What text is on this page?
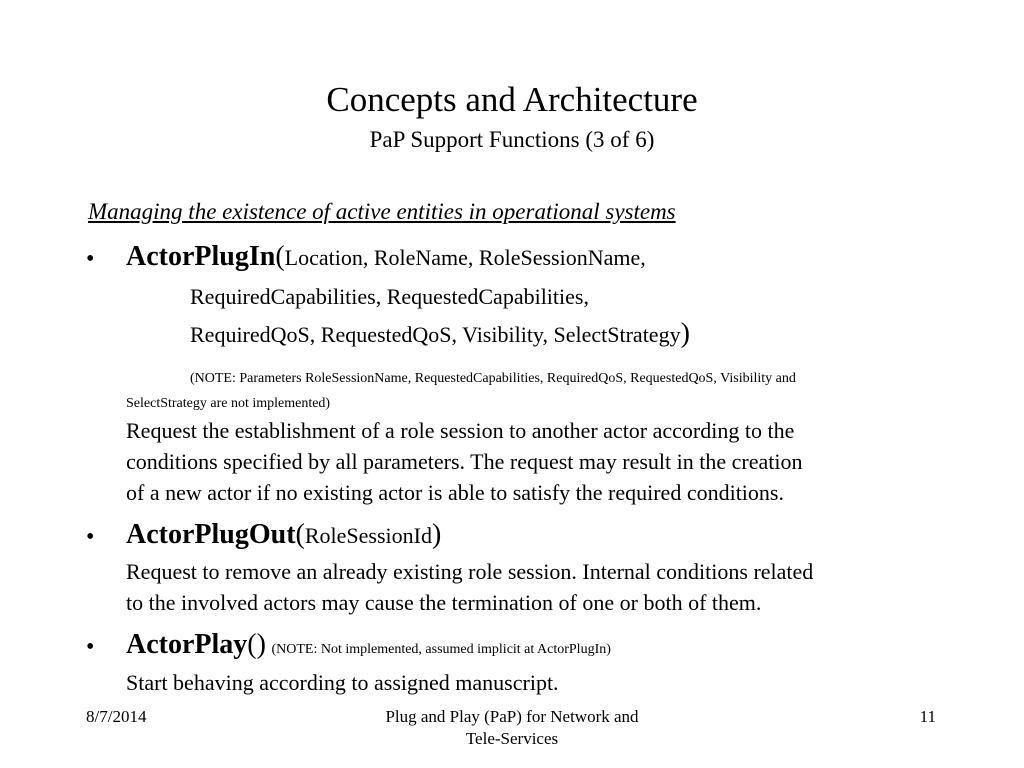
Concepts and Architecture
PaP Support Functions (3 of 6)
Managing the existence of active entities in operational systems
• ActorPlugIn(Location, RoleName, RoleSessionName,
RequiredCapabilities, RequestedCapabilities,
RequiredQoS, RequestedQoS, Visibility, SelectStrategy)
(NOTE: Parameters RoleSessionName, RequestedCapabilities, RequiredQoS, RequestedQoS, Visibility and
SelectStrategy are not implemented)
Request the establishment of a role session to another actor according to the
conditions specified by all parameters. The request may result in the creation
of a new actor if no existing actor is able to satisfy the required conditions.
• ActorPlugOut(RoleSessionId)
Request to remove an already existing role session. Internal conditions related
to the involved actors may cause the termination of one or both of them.
• ActorPlay() (NOTE: Not implemented, assumed implicit at ActorPlugIn)
Start behaving according to assigned manuscript.
8/7/2014	Plug and Play (PaP) for Network and
Tele-Services
11
